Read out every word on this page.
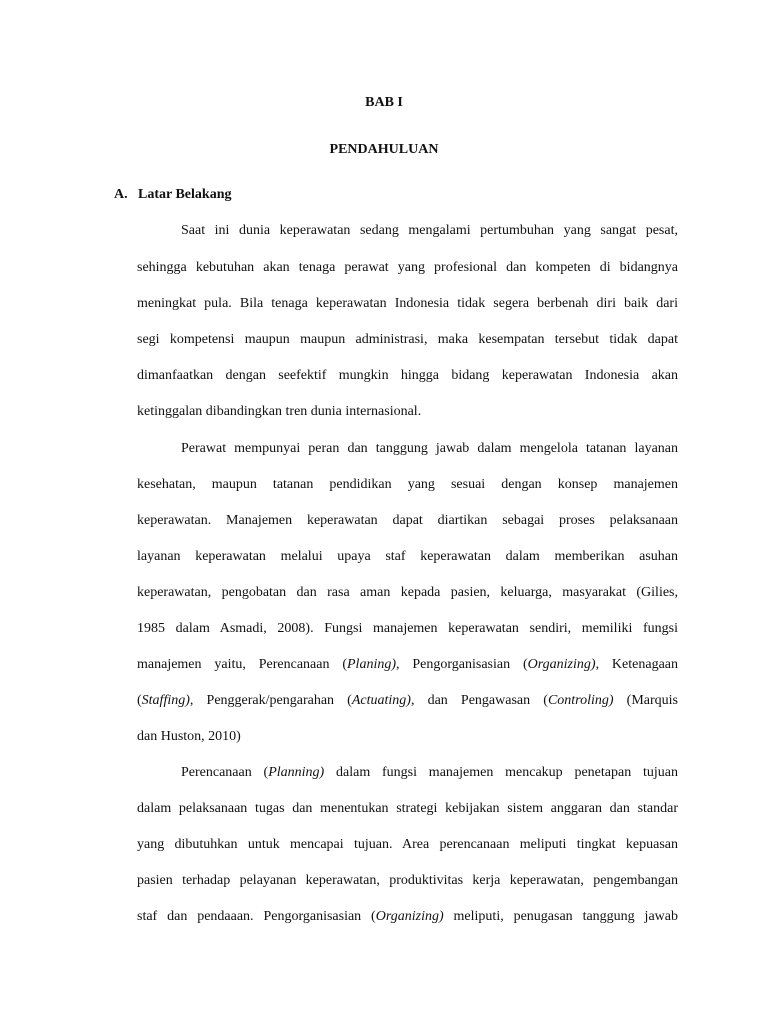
BAB I
PENDAHULUAN
A. Latar Belakang
Saat ini dunia keperawatan sedang mengalami pertumbuhan yang sangat pesat,
sehingga kebutuhan akan tenaga perawat yang profesional dan kompeten di bidangnya
meningkat pula. Bila tenaga keperawatan Indonesia tidak segera berbenah diri baik dari
segi kompetensi maupun maupun administrasi, maka kesempatan tersebut tidak dapat
dimanfaatkan dengan seefektif mungkin hingga bidang keperawatan Indonesia akan
ketinggalan dibandingkan tren dunia internasional.
Perawat mempunyai peran dan tanggung jawab dalam mengelola tatanan layanan
kesehatan, maupun tatanan pendidikan yang sesuai dengan konsep manajemen
keperawatan. Manajemen keperawatan dapat diartikan sebagai proses pelaksanaan
layanan keperawatan melalui upaya staf keperawatan dalam memberikan asuhan
keperawatan, pengobatan dan rasa aman kepada pasien, keluarga, masyarakat (Gilies,
1985 dalam Asmadi, 2008). Fungsi manajemen keperawatan sendiri, memiliki fungsi
manajemen yaitu, Perencanaan (Planing), Pengorganisasian (Organizing), Ketenagaan
(Staffing), Penggerak/pengarahan (Actuating), dan Pengawasan (Controling) (Marquis
dan Huston, 2010)
Perencanaan (Planning) dalam fungsi manajemen mencakup penetapan tujuan
dalam pelaksanaan tugas dan menentukan strategi kebijakan sistem anggaran dan standar
yang dibutuhkan untuk mencapai tujuan. Area perencanaan meliputi tingkat kepuasan
pasien terhadap pelayanan keperawatan, produktivitas kerja keperawatan, pengembangan
staf dan pendaaan. Pengorganisasian (Organizing) meliputi, penugasan tanggung jawab
